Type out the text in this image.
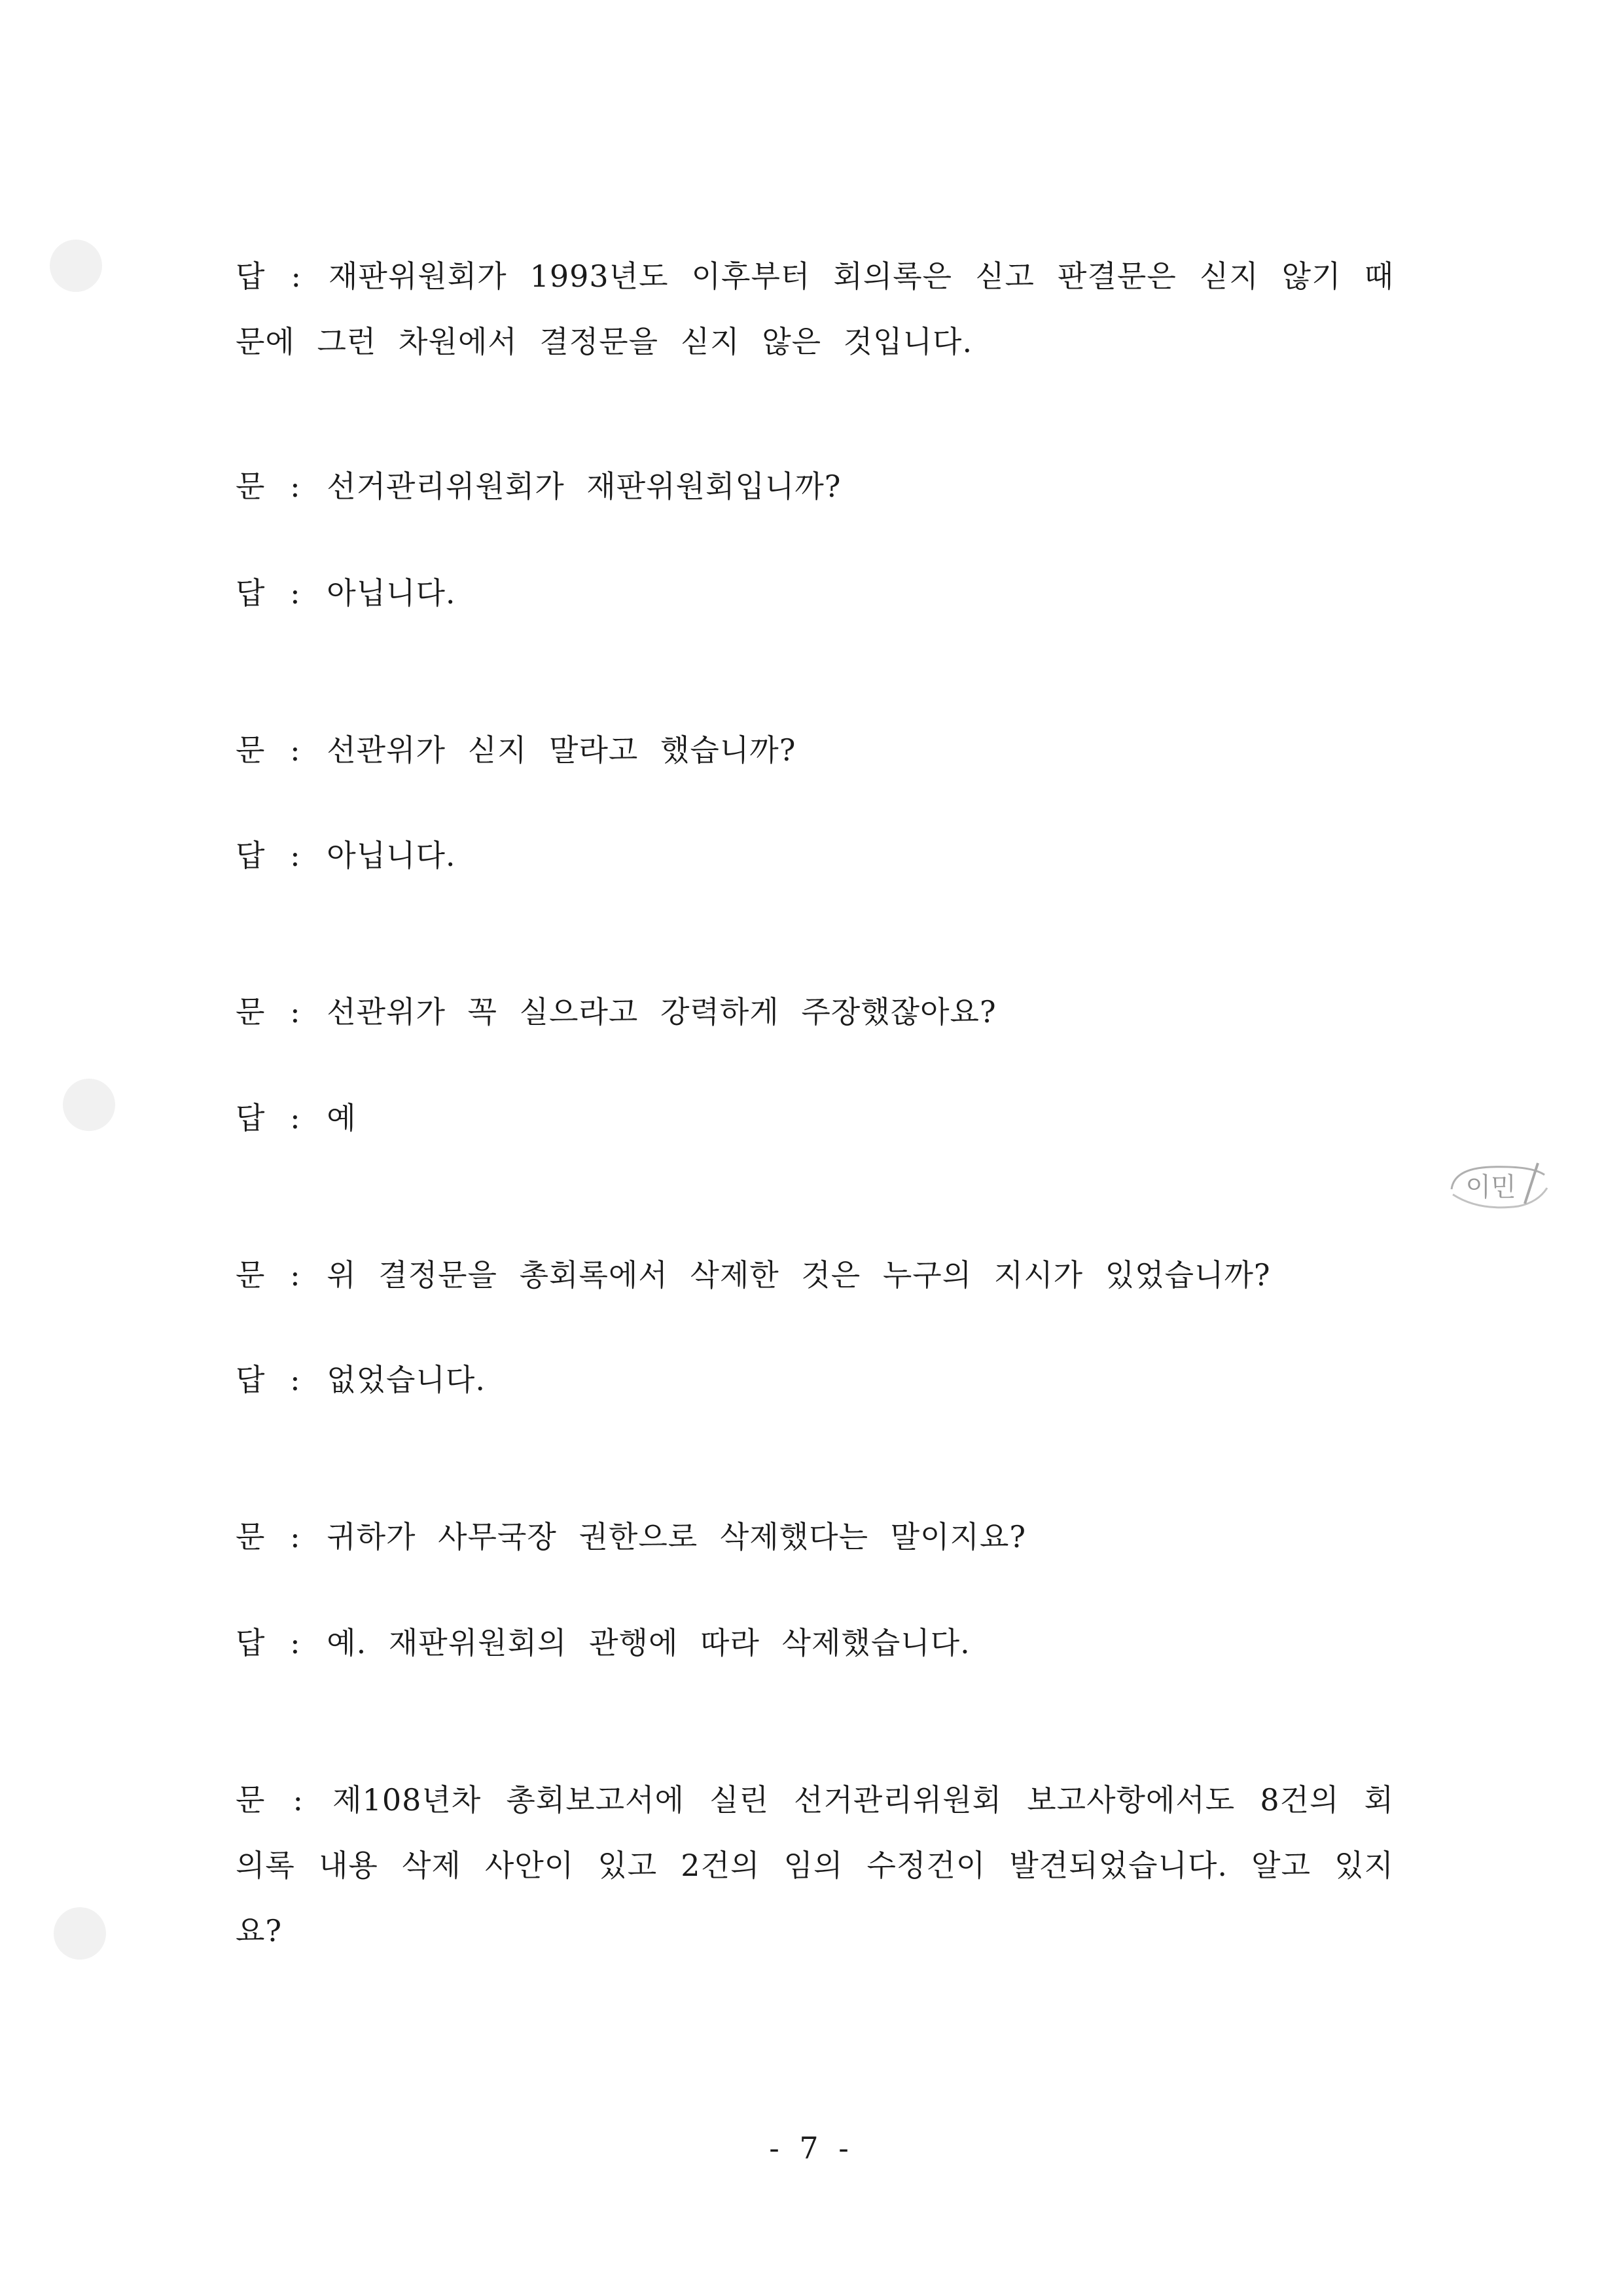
답 : 재판위원회가 1993년도 이후부터 회의록은 싣고 판결문은 싣지 않기 때문에 그런 차원에서 결정문을 싣지 않은 것입니다.

문 : 선거관리위원회가 재판위원회입니까?

답 : 아닙니다.

문 : 선관위가 싣지 말라고 했습니까?

답 : 아닙니다.

문 : 선관위가 꼭 실으라고 강력하게 주장했잖아요?

답 : 예

문 : 위 결정문을 총회록에서 삭제한 것은 누구의 지시가 있었습니까?

답 : 없었습니다.

문 : 귀하가 사무국장 권한으로 삭제했다는 말이지요?

답 : 예. 재판위원회의 관행에 따라 삭제했습니다.

문 : 제108년차 총회보고서에 실린 선거관리위원회 보고사항에서도 8건의 회의록 내용 삭제 사안이 있고 2건의 임의 수정건이 발견되었습니다. 알고 있지요?

이민

- 7 -
